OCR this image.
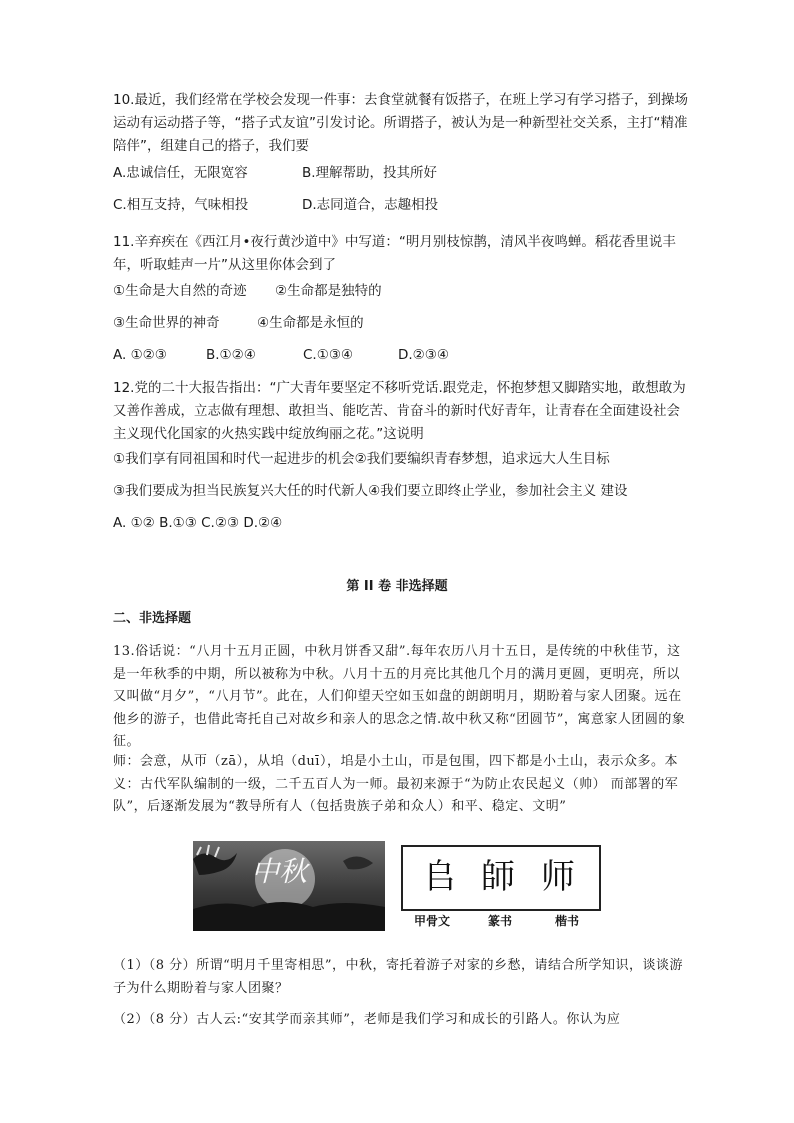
10.最近，我们经常在学校会发现一件事：去食堂就餐有饭搭子，在班上学习有学习搭子，到操场运动有运动搭子等，“搭子式友谊”引发讨论。所谓搭子，被认为是一种新型社交关系，主打“精准陪伴”，组建自己的搭子，我们要

A.忠诚信任，无限宽容	B.理解帮助，投其所好
C.相互支持，气味相投	D.志同道合，志趣相投

11.辛弃疾在《西江月•夜行黄沙道中》中写道：“明月别枝惊鹊，清风半夜鸣蝉。稻花香里说丰年，听取蛙声一片”从这里你体会到了

①生命是大自然的奇迹 ②生命都是独特的
③生命世界的神奇	④生命都是永恒的
A. ①②③	B.①②④	C.①③④	D.②③④

12.党的二十大报告指出：“广大青年要坚定不移听党话.跟党走，怀抱梦想又脚踏实地，敢想敢为又善作善成，立志做有理想、敢担当、能吃苦、肯奋斗的新时代好青年，让青春在全面建设社会主义现代化国家的火热实践中绽放绚丽之花。”这说明

①我们享有同祖国和时代一起进步的机会②我们要编织青春梦想，追求远大人生目标
③我们要成为担当民族复兴大任的时代新人④我们要立即终止学业，参加社会主义 建设
A. ①② B.①③ C.②③ D.②④
第 II 卷 非选择题
二、非选择题

13.俗话说：“八月十五月正圆，中秋月饼香又甜”.每年农历八月十五日，是传统的中秋佳节，这是一年秋季的中期，所以被称为中秋。八月十五的月亮比其他几个月的满月更圆，更明亮，所以又叫做“月夕”，“八月节”。此在，人们仰望天空如玉如盘的朗朗明月，期盼着与家人团聚。远在他乡的游子，也借此寄托自己对故乡和亲人的思念之情.故中秋又称“团圆节”，寓意家人团圆的象征。

师：会意，从帀（zā），从垖（duī），垖是小土山，帀是包围，四下都是小土山，表示众多。本义：古代军队编制的一级，二千五百人为一师。最初来源于“为防止农民起义（帅） 而部署的军队”，后逐渐发展为“教导所有人（包括贵族子弟和众人）和平、稳定、文明”

中秋	𠂤 師 师
甲骨文	篆书	楷书

（1）（8 分）所谓“明月千里寄相思”，中秋，寄托着游子对家的乡愁，请结合所学知识，谈谈游子为什么期盼着与家人团聚？

（2）（8 分）古人云:“安其学而亲其师”，老师是我们学习和成长的引路人。你认为应
